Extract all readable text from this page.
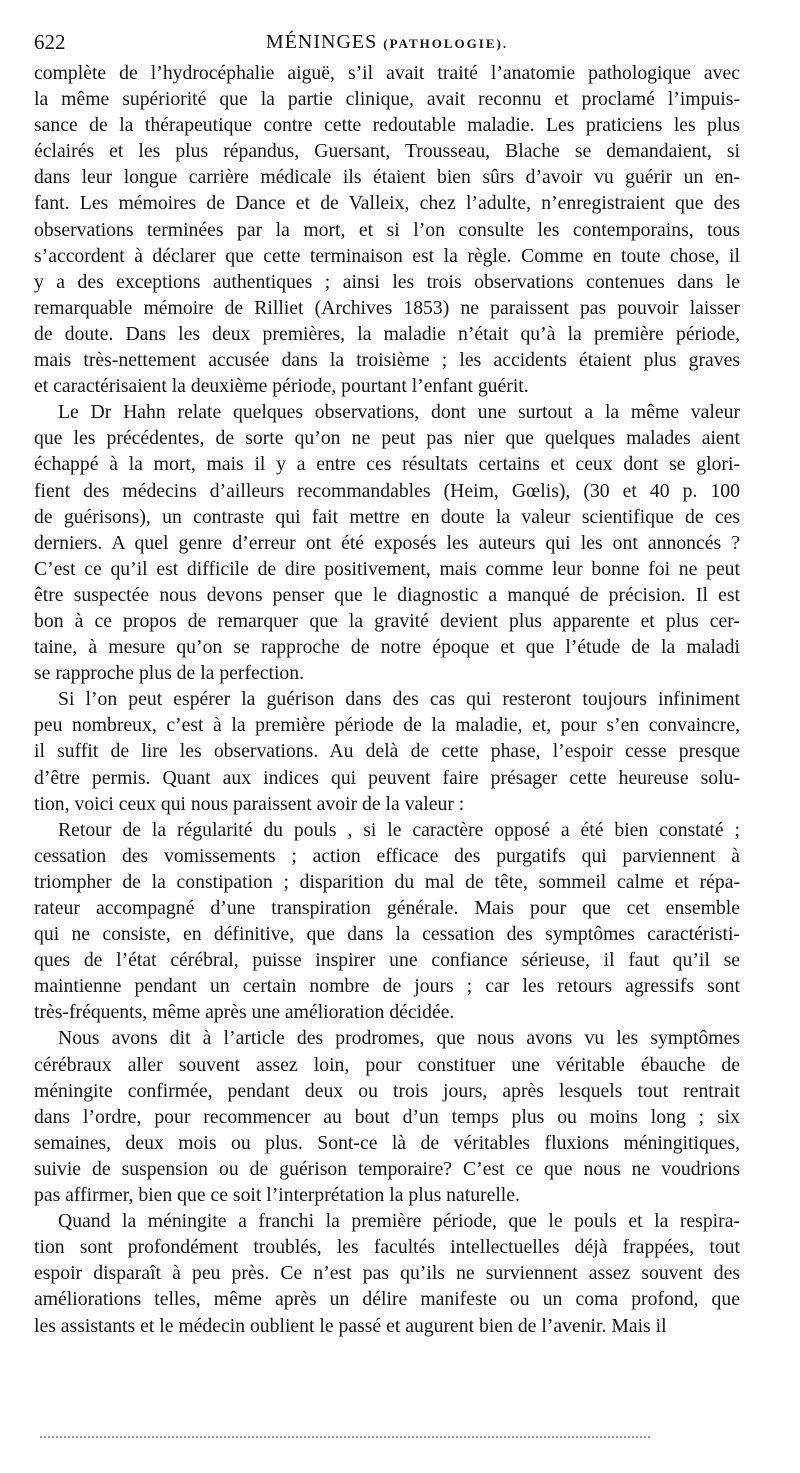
622	MÉNINGES (PATHOLOGIE).

complète de l’hydrocéphalie aiguë, s’il avait traité l’anatomie pathologique avec
la même supériorité que la partie clinique, avait reconnu et proclamé l’impuis-
sance de la thérapeutique contre cette redoutable maladie. Les praticiens les plus
éclairés et les plus répandus, Guersant, Trousseau, Blache se demandaient, si
dans leur longue carrière médicale ils étaient bien sûrs d’avoir vu guérir un en-
fant. Les mémoires de Dance et de Valleix, chez l’adulte, n’enregistraient que des
observations terminées par la mort, et si l’on consulte les contemporains, tous
s’accordent à déclarer que cette terminaison est la règle. Comme en toute chose, il
y a des exceptions authentiques ; ainsi les trois observations contenues dans le
remarquable mémoire de Rilliet (Archives 1853) ne paraissent pas pouvoir laisser
de doute. Dans les deux premières, la maladie n’était qu’à la première période,
mais très-nettement accusée dans la troisième ; les accidents étaient plus graves
et caractérisaient la deuxième période, pourtant l’enfant guérit.

Le Dr Hahn relate quelques observations, dont une surtout a la même valeur
que les précédentes, de sorte qu’on ne peut pas nier que quelques malades aient
échappé à la mort, mais il y a entre ces résultats certains et ceux dont se glori-
fient des médecins d’ailleurs recommandables (Heim, Gœlis), (30 et 40 p. 100
de guérisons), un contraste qui fait mettre en doute la valeur scientifique de ces
derniers. A quel genre d’erreur ont été exposés les auteurs qui les ont annoncés ?
C’est ce qu’il est difficile de dire positivement, mais comme leur bonne foi ne peut
être suspectée nous devons penser que le diagnostic a manqué de précision. Il est
bon à ce propos de remarquer que la gravité devient plus apparente et plus cer-
taine, à mesure qu’on se rapproche de notre époque et que l’étude de la maladi
se rapproche plus de la perfection.

Si l’on peut espérer la guérison dans des cas qui resteront toujours infiniment
peu nombreux, c’est à la première période de la maladie, et, pour s’en convaincre,
il suffit de lire les observations. Au delà de cette phase, l’espoir cesse presque
d’être permis. Quant aux indices qui peuvent faire présager cette heureuse solu-
tion, voici ceux qui nous paraissent avoir de la valeur :

Retour de la régularité du pouls , si le caractère opposé a été bien constaté ;
cessation des vomissements ; action efficace des purgatifs qui parviennent à
triompher de la constipation ; disparition du mal de tête, sommeil calme et répa-
rateur accompagné d’une transpiration générale. Mais pour que cet ensemble
qui ne consiste, en définitive, que dans la cessation des symptômes caractéristi-
ques de l’état cérébral, puisse inspirer une confiance sérieuse, il faut qu’il se
maintienne pendant un certain nombre de jours ; car les retours agressifs sont
très-fréquents, même après une amélioration décidée.

Nous avons dit à l’article des prodromes, que nous avons vu les symptômes
cérébraux aller souvent assez loin, pour constituer une véritable ébauche de
méningite confirmée, pendant deux ou trois jours, après lesquels tout rentrait
dans l’ordre, pour recommencer au bout d’un temps plus ou moins long ; six
semaines, deux mois ou plus. Sont-ce là de véritables fluxions méningitiques,
suivie de suspension ou de guérison temporaire? C’est ce que nous ne voudrions
pas affirmer, bien que ce soit l’interprétation la plus naturelle.

Quand la méningite a franchi la première période, que le pouls et la respira-
tion sont profondément troublés, les facultés intellectuelles déjà frappées, tout
espoir disparaît à peu près. Ce n’est pas qu’ils ne surviennent assez souvent des
améliorations telles, même après un délire manifeste ou un coma profond, que
les assistants et le médecin oublient le passé et augurent bien de l’avenir. Mais il
